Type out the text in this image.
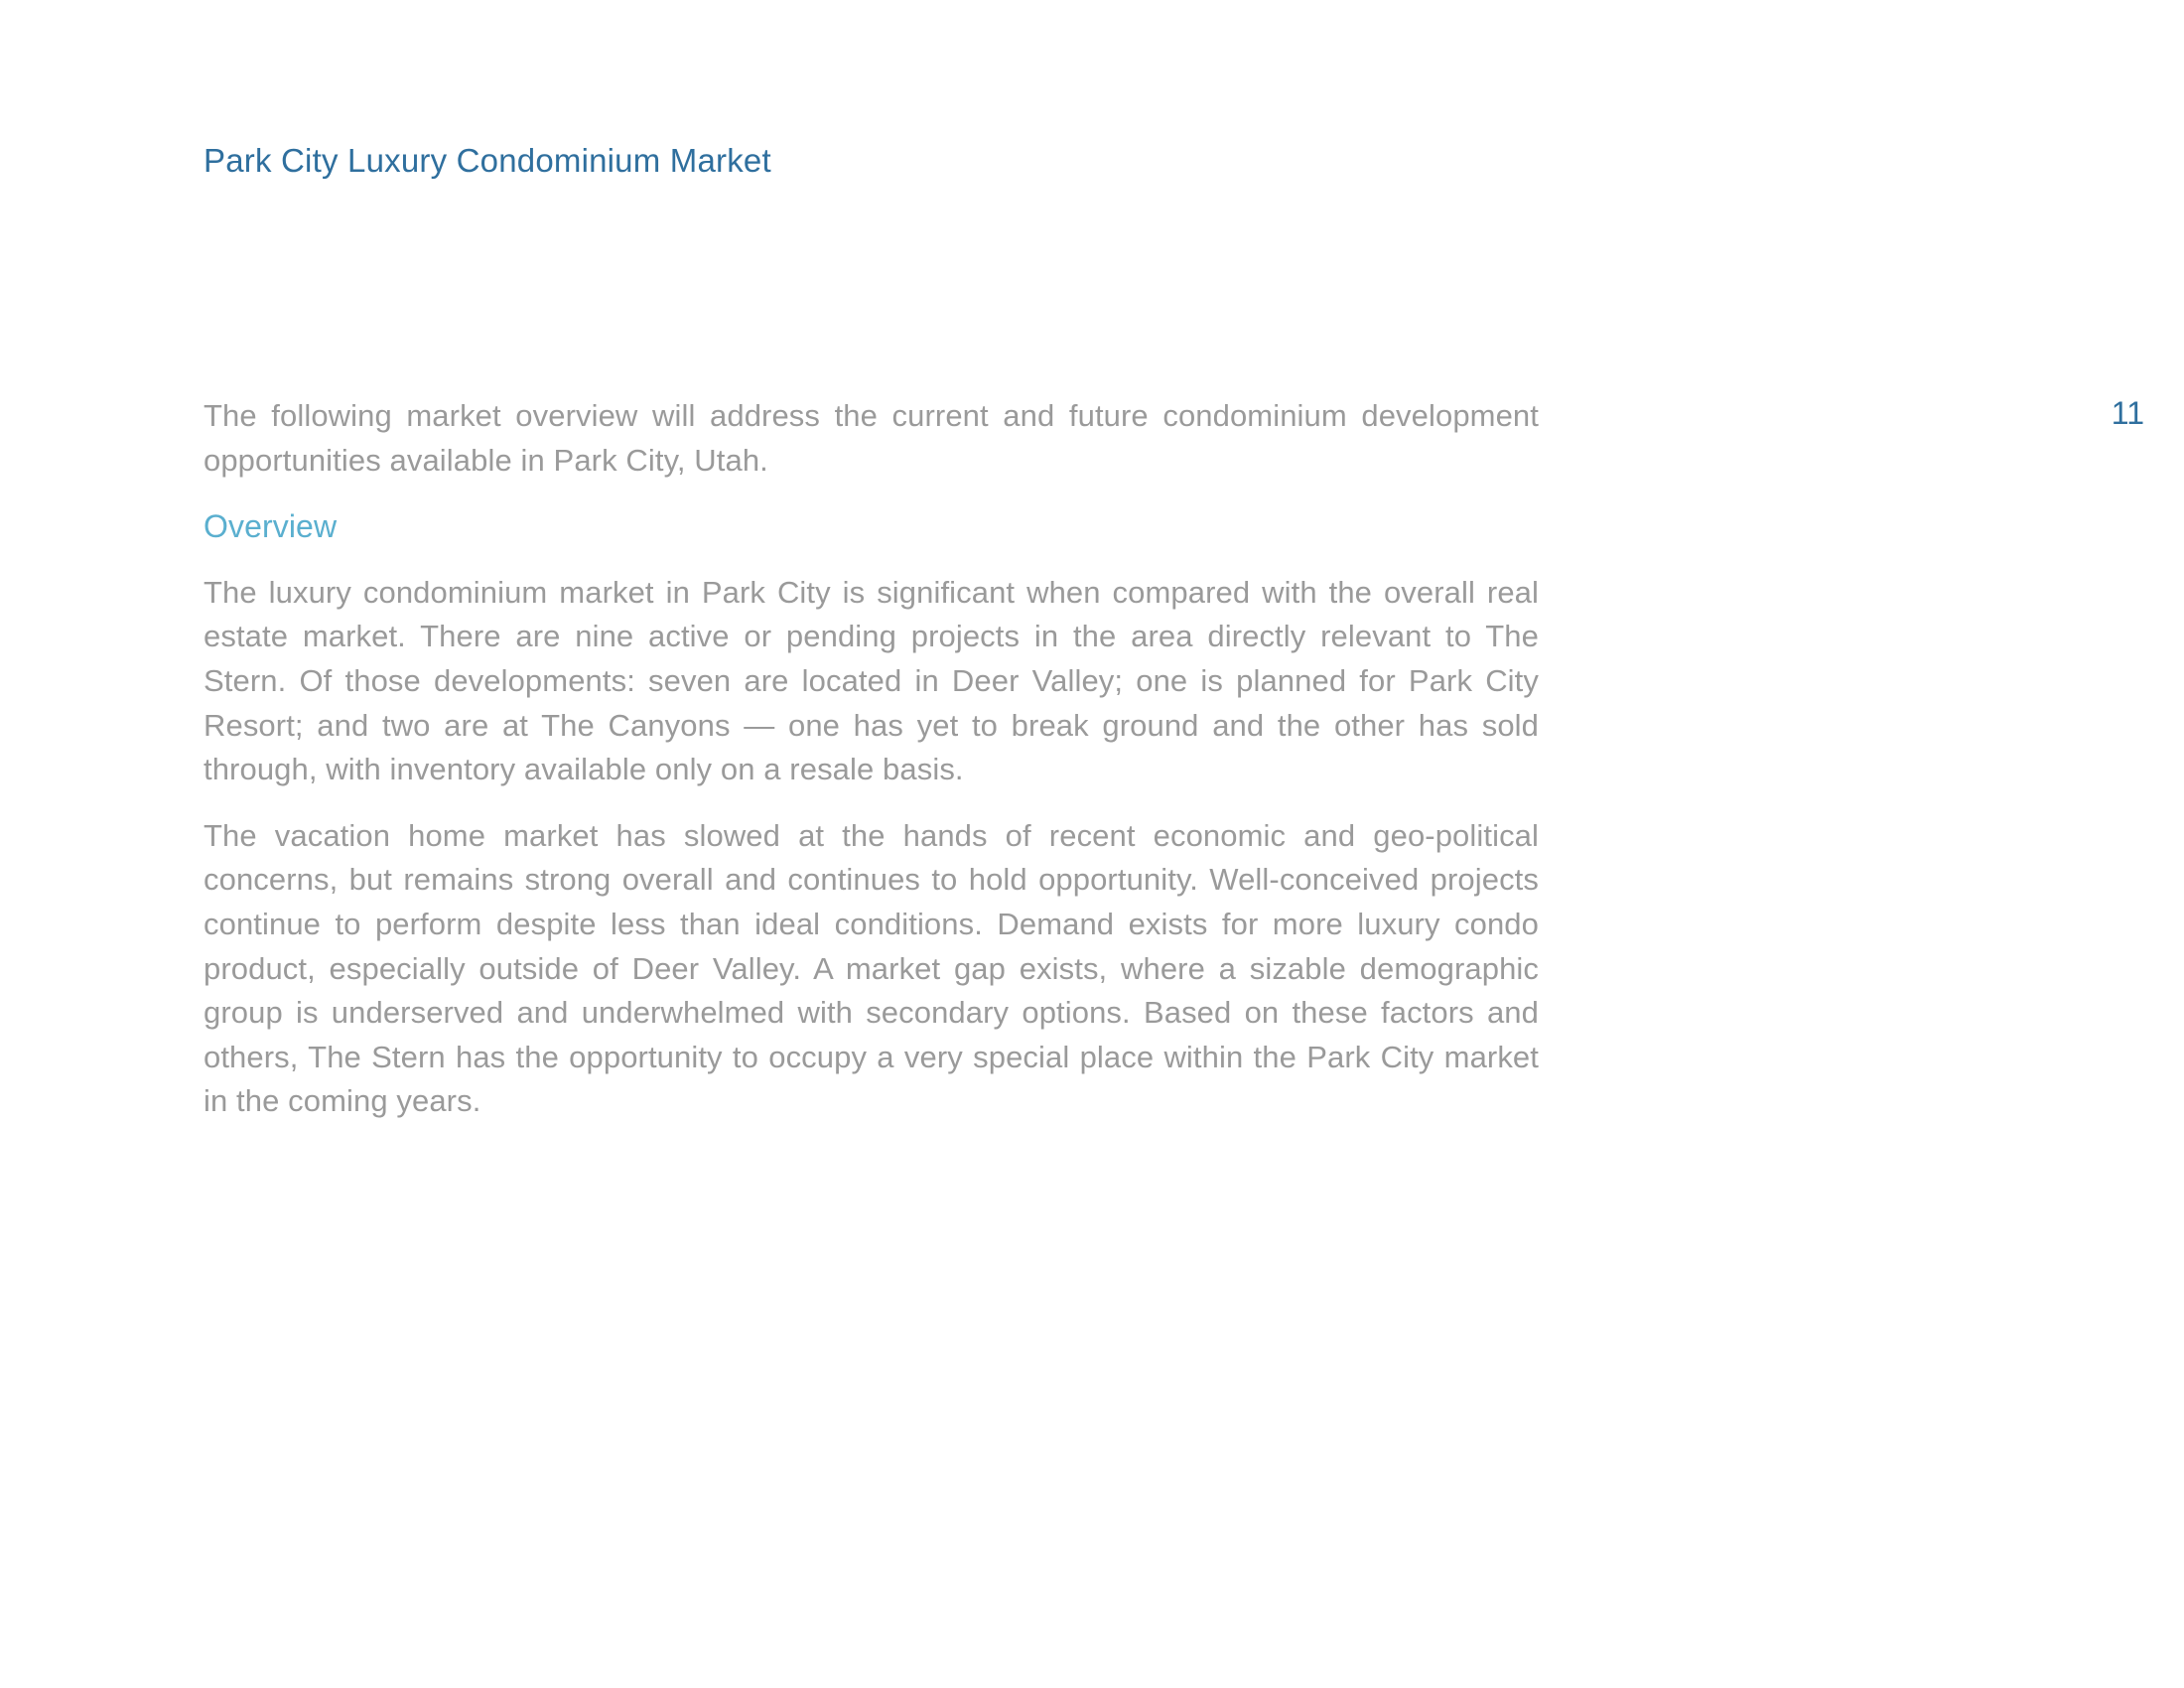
Park City Luxury Condominium Market
11

The following market overview will address the current and future condominium development opportunities available in Park City, Utah.

Overview

The luxury condominium market in Park City is significant when compared with the overall real estate market. There are nine active or pending projects in the area directly relevant to The Stern. Of those developments: seven are located in Deer Valley; one is planned for Park City Resort; and two are at The Canyons — one has yet to break ground and the other has sold through, with inventory available only on a resale basis.

The vacation home market has slowed at the hands of recent economic and geo-political concerns, but remains strong overall and continues to hold opportunity. Well-conceived projects continue to perform despite less than ideal conditions. Demand exists for more luxury condo product, especially outside of Deer Valley. A market gap exists, where a sizable demographic group is underserved and underwhelmed with secondary options. Based on these factors and others, The Stern has the opportunity to occupy a very special place within the Park City market in the coming years.
